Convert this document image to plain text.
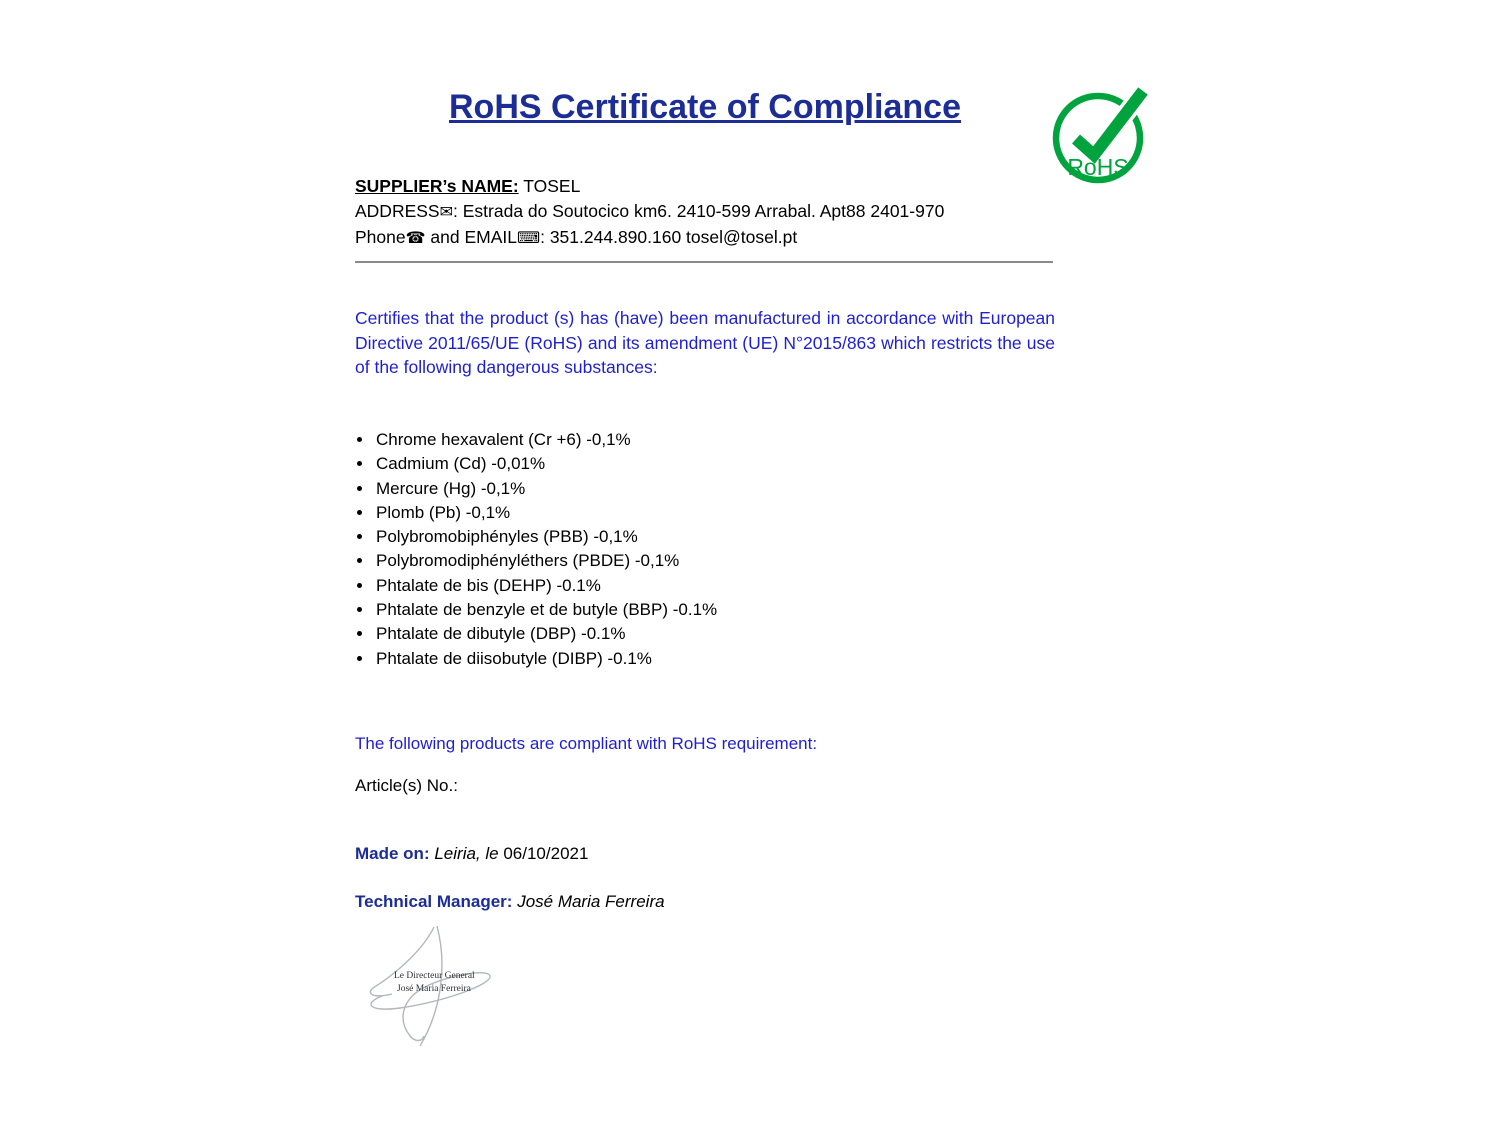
RoHS Certificate of Compliance
RoHS
SUPPLIER’s NAME: TOSEL
ADDRESS✉: Estrada do Soutocico km6. 2410-599 Arrabal. Apt88 2401-970
Phone☎ and EMAIL⌨: 351.244.890.160 tosel@tosel.pt

Certifies that the product (s) has (have) been manufactured in accordance with European Directive 2011/65/UE (RoHS) and its amendment (UE) N°2015/863 which restricts the use of the following dangerous substances:

• Chrome hexavalent (Cr +6) -0,1%
• Cadmium (Cd) -0,01%
• Mercure (Hg) -0,1%
• Plomb (Pb) -0,1%
• Polybromobiphényles (PBB) -0,1%
• Polybromodiphényléthers (PBDE) -0,1%
• Phtalate de bis (DEHP) -0.1%
• Phtalate de benzyle et de butyle (BBP) -0.1%
• Phtalate de dibutyle (DBP) -0.1%
• Phtalate de diisobutyle (DIBP) -0.1%

The following products are compliant with RoHS requirement:

Article(s) No.:

Made on: Leiria, le 06/10/2021

Technical Manager: José Maria Ferreira

Le Directeur General
José Maria Ferreira
